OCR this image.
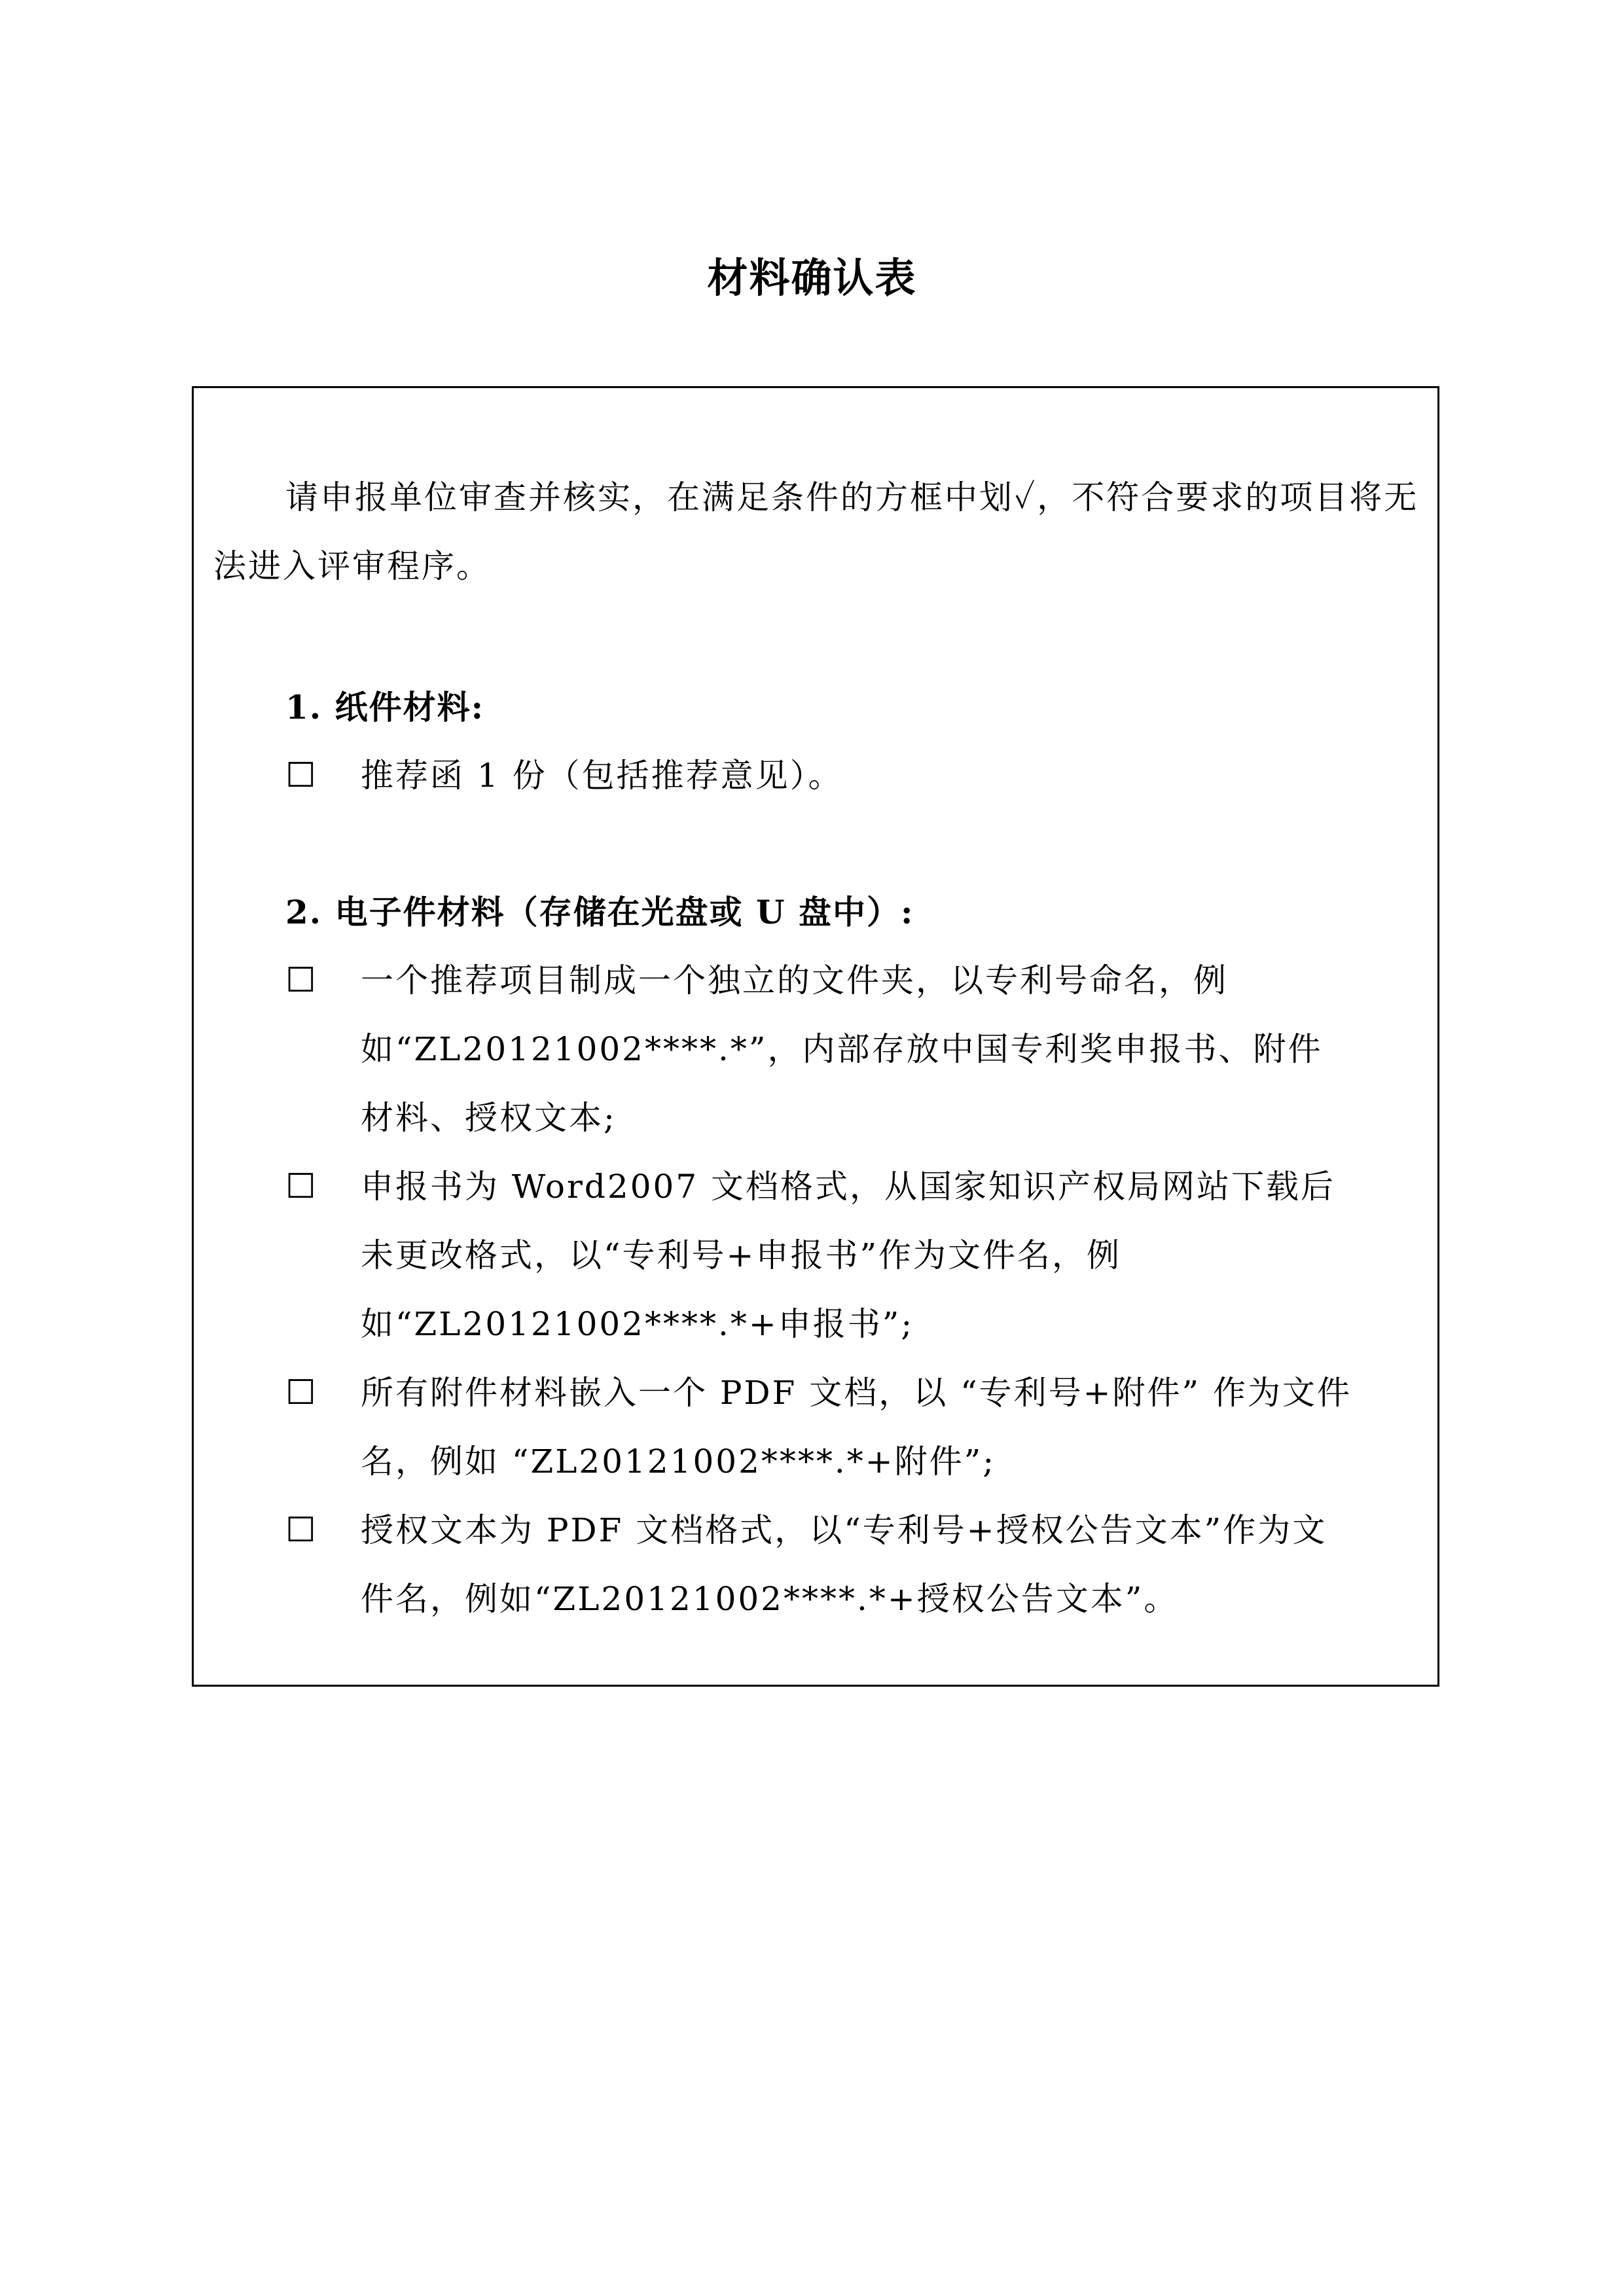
材料确认表

请申报单位审查并核实，在满足条件的方框中划✓，不符合要求的项目将无法进入评审程序。

1. 纸件材料:
☐	推荐函 1 份（包括推荐意见）。
2. 电子件材料（存储在光盘或 U 盘中）:
☐	一个推荐项目制成一个独立的文件夹，以专利号命名，例如“ZL20121002****.*”，内部存放中国专利奖申报书、附件材料、授权文本;
☐	申报书为 Word2007 文档格式，从国家知识产权局网站下载后未更改格式，以“专利号+申报书”作为文件名，例如“ZL20121002****.*+申报书”;
☐	所有附件材料嵌入一个 PDF 文档，以 “专利号+附件” 作为文件名，例如 “ZL20121002****.*+附件”;
☐	授权文本为 PDF 文档格式，以“专利号+授权公告文本”作为文件名，例如“ZL20121002****.*+授权公告文本”。
